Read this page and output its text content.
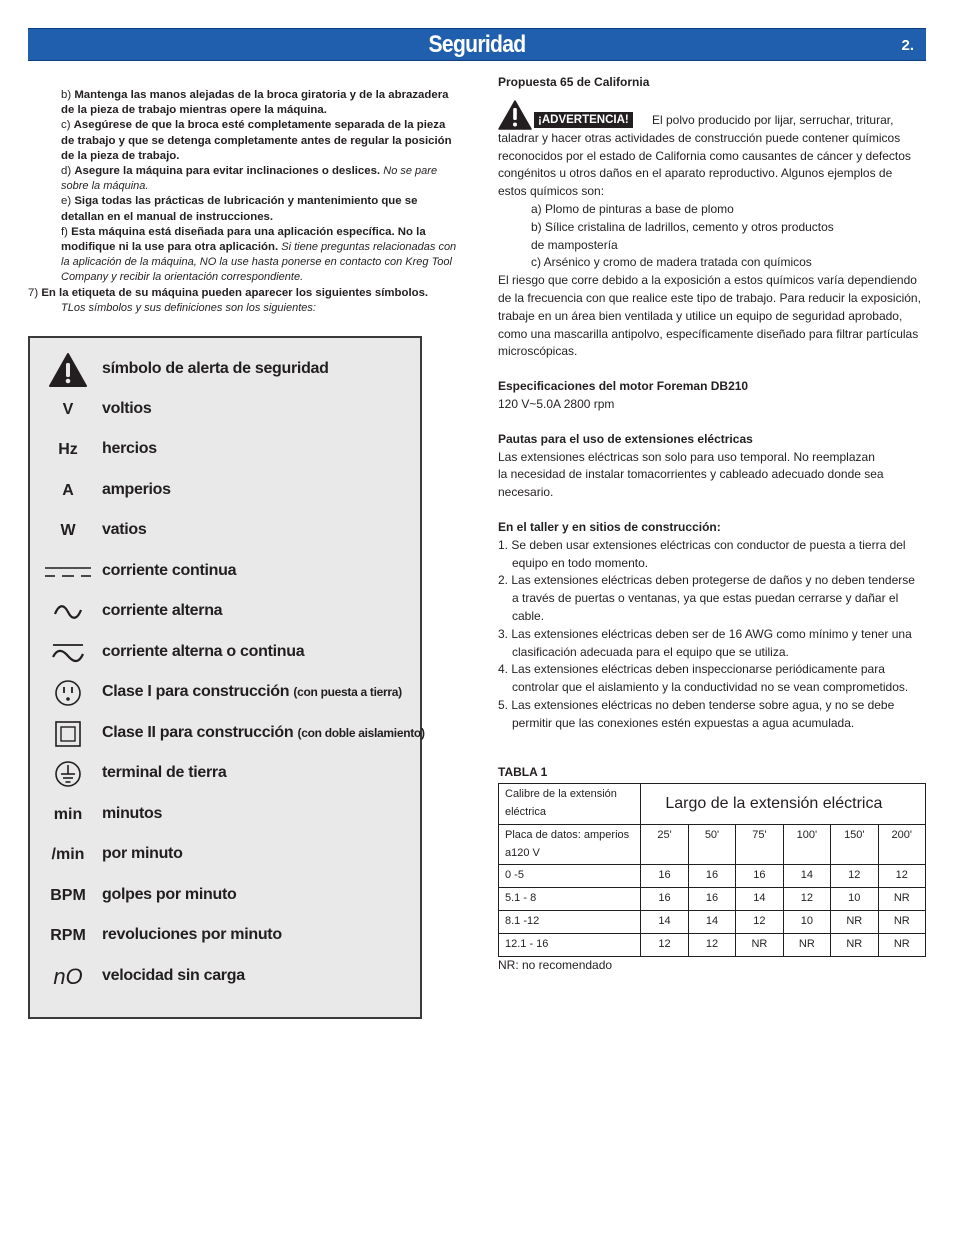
Seguridad	2.
b) Mantenga las manos alejadas de la broca giratoria y de la abrazadera de la pieza de trabajo mientras opere la máquina.
c) Asegúrese de que la broca esté completamente separada de la pieza de trabajo y que se detenga completamente antes de regular la posición de la pieza de trabajo.
d) Asegure la máquina para evitar inclinaciones o deslices. No se pare sobre la máquina.
e) Siga todas las prácticas de lubricación y mantenimiento que se detallan en el manual de instrucciones.
f) Esta máquina está diseñada para una aplicación específica. No la modifique ni la use para otra aplicación. Si tiene preguntas relacionadas con la aplicación de la máquina, NO la use hasta ponerse en contacto con Kreg Tool Company y recibir la orientación correspondiente.
7) En la etiqueta de su máquina pueden aparecer los siguientes símbolos.
TLos símbolos y sus definiciones son los siguientes:
símbolo de alerta de seguridad
V	voltios
Hz	hercios
A	amperios
W	vatios
corriente continua
corriente alterna
corriente alterna o continua
Clase I para construcción (con puesta a tierra)
Clase II para construcción (con doble aislamiento)
terminal de tierra
min	minutos
/min	por minuto
BPM	golpes por minuto
RPM	revoluciones por minuto
nO	velocidad sin carga
Propuesta 65 de California
¡ADVERTENCIA!	El polvo producido por lijar, serruchar, triturar,
taladrar y hacer otras actividades de construcción puede contener químicos
reconocidos por el estado de California como causantes de cáncer y defectos
congénitos u otros daños en el aparato reproductivo. Algunos ejemplos de
estos químicos son:
a) Plomo de pinturas a base de plomo
b) Sílice cristalina de ladrillos, cemento y otros productos
de mampostería
c) Arsénico y cromo de madera tratada con químicos
El riesgo que corre debido a la exposición a estos químicos varía dependiendo
de la frecuencia con que realice este tipo de trabajo. Para reducir la exposición,
trabaje en un área bien ventilada y utilice un equipo de seguridad aprobado,
como una mascarilla antipolvo, específicamente diseñado para filtrar partículas
microscópicas.
Especificaciones del motor Foreman DB210
120 V~5.0A 2800 rpm
Pautas para el uso de extensiones eléctricas
Las extensiones eléctricas son solo para uso temporal. No reemplazan
la necesidad de instalar tomacorrientes y cableado adecuado donde sea
necesario.
En el taller y en sitios de construcción:
1. Se deben usar extensiones eléctricas con conductor de puesta a tierra del
equipo en todo momento.
2. Las extensiones eléctricas deben protegerse de daños y no deben tenderse
a través de puertas o ventanas, ya que estas puedan cerrarse y dañar el cable.
3. Las extensiones eléctricas deben ser de 16 AWG como mínimo y tener una
clasificación adecuada para el equipo que se utiliza.
4. Las extensiones eléctricas deben inspeccionarse periódicamente para
controlar que el aislamiento y la conductividad no se vean comprometidos.
5. Las extensiones eléctricas no deben tenderse sobre agua, y no se debe
permitir que las conexiones estén expuestas a agua acumulada.
TABLA 1
Calibre de la extensión eléctrica	Largo de la extensión eléctrica					
Placa de datos: amperios a120 V	25'	50'	75'	100'	150'	200'
0 -5	16	16	16	14	12	12
5.1 - 8	16	16	14	12	10	NR
8.1 -12	14	14	12	10	NR	NR
12.1 - 16	12	12	NR	NR	NR	NR
NR: no recomendado
